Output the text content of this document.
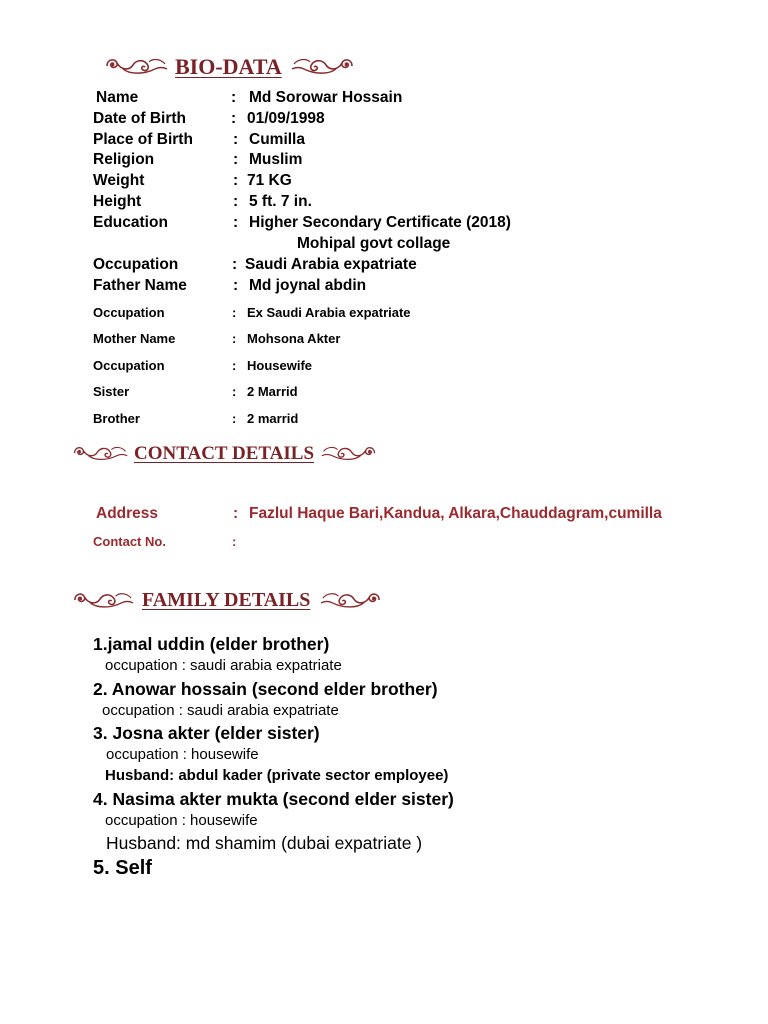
BIO-DATA
Name	: Md Sorowar Hossain
Date of Birth	: 01/09/1998
Place of Birth	: Cumilla
Religion	: Muslim
Weight	: 71 KG
Height	: 5 ft. 7 in.
Education	: Higher Secondary Certificate (2018)
Mohipal govt collage
Occupation	: Saudi Arabia expatriate
Father Name	: Md joynal abdin
Occupation	: Ex Saudi Arabia expatriate
Mother Name	: Mohsona Akter
Occupation	: Housewife
Sister	: 2 Marrid
Brother	: 2 marrid
CONTACT DETAILS
Address	: Fazlul Haque Bari,Kandua, Alkara,Chauddagram,cumilla
Contact No.	:
FAMILY DETAILS
1.jamal uddin (elder brother)
occupation : saudi arabia expatriate
2. Anowar hossain (second elder brother)
occupation : saudi arabia expatriate
3. Josna akter (elder sister)
occupation : housewife
Husband: abdul kader (private sector employee)
4. Nasima akter mukta (second elder sister)
occupation : housewife
Husband: md shamim (dubai expatriate )
5. Self
